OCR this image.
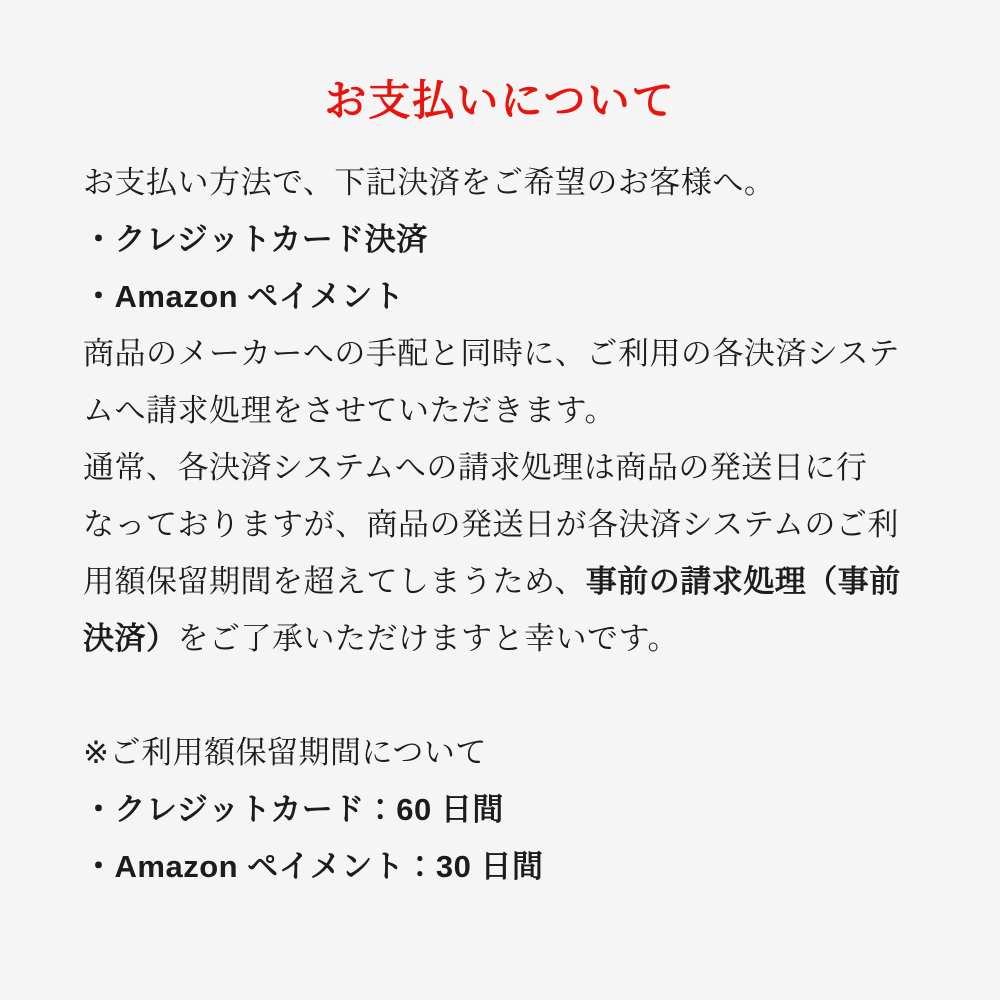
お支払いについて

お支払い方法で、下記決済をご希望のお客様へ。

・クレジットカード決済

・Amazon ペイメント

商品のメーカーへの手配と同時に、ご利用の各決済システ

ムへ請求処理をさせていただきます。

通常、各決済システムへの請求処理は商品の発送日に行

なっておりますが、商品の発送日が各決済システムのご利

用額保留期間を超えてしまうため、事前の請求処理（事前

決済）をご了承いただけますと幸いです。

※ご利用額保留期間について

・クレジットカード：60 日間

・Amazon ペイメント：30 日間
